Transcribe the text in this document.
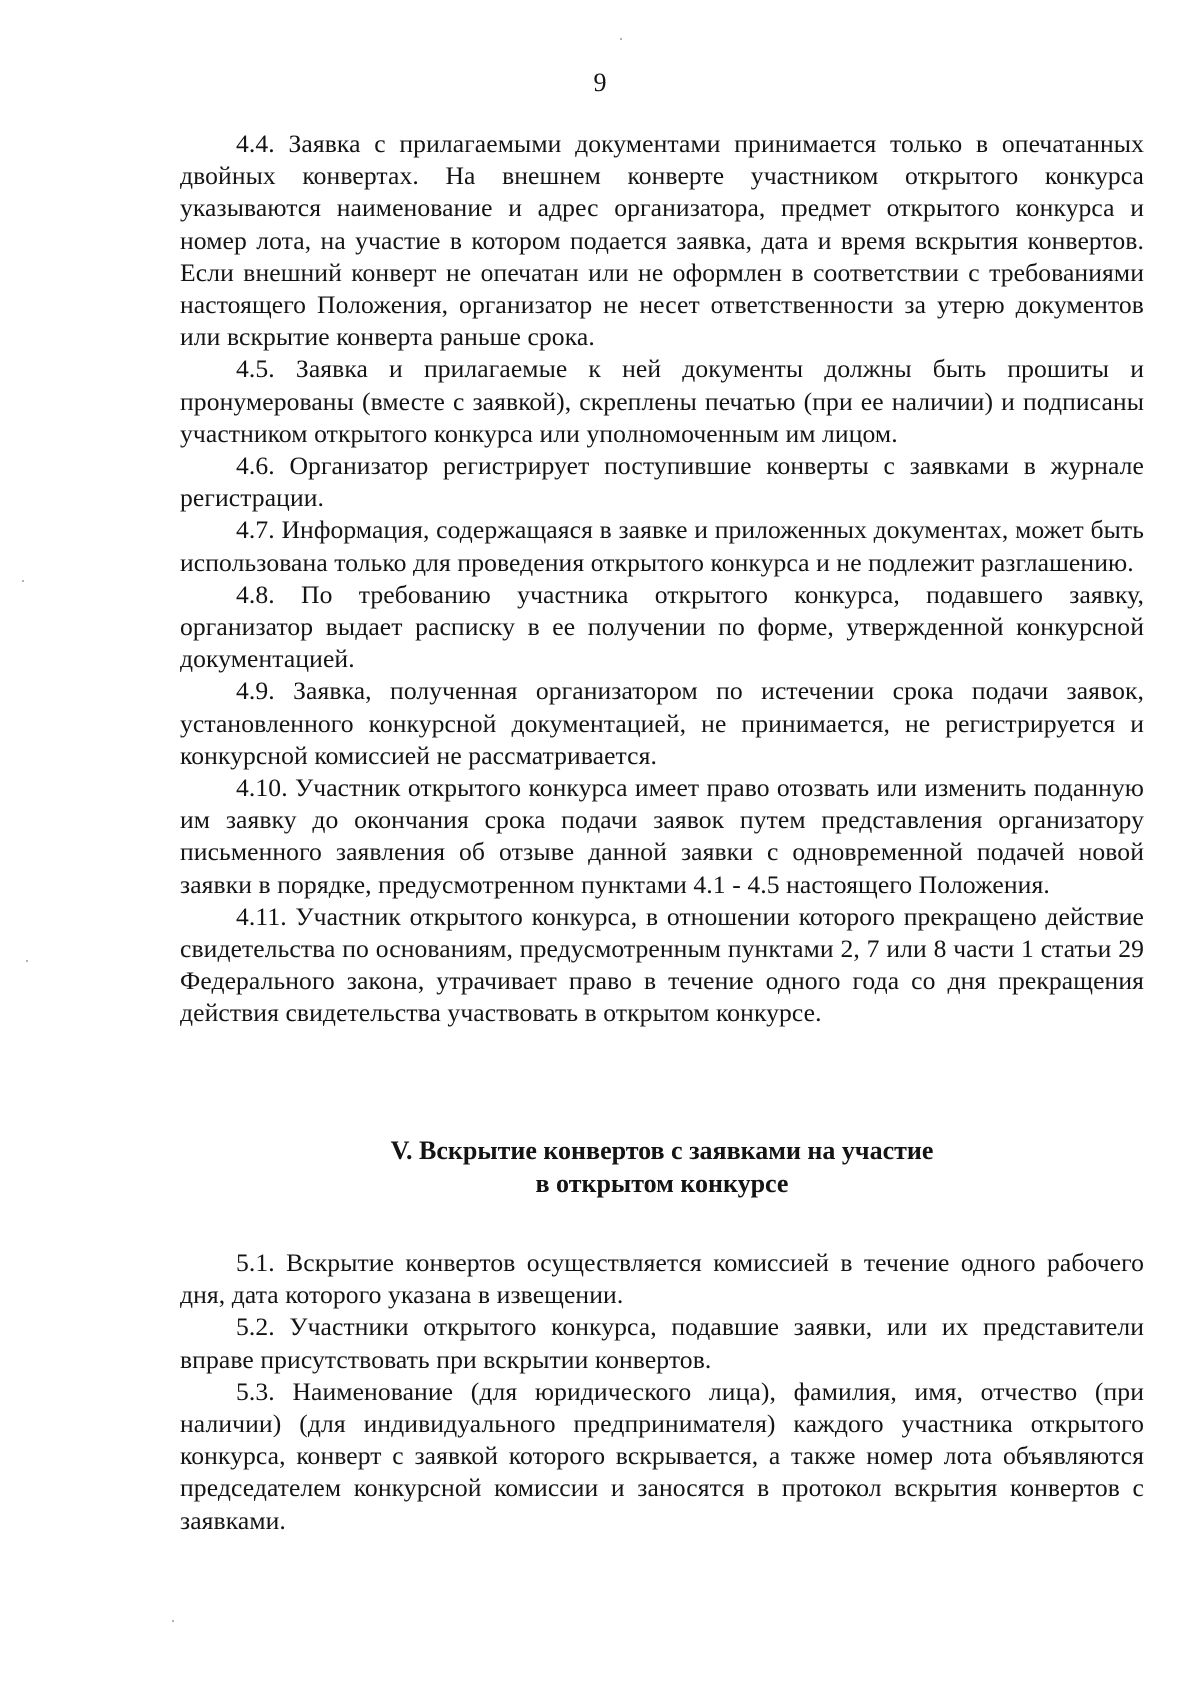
9

4.4. Заявка с прилагаемыми документами принимается только в опечатанных двойных конвертах. На внешнем конверте участником открытого конкурса указываются наименование и адрес организатора, предмет открытого конкурса и номер лота, на участие в котором подается заявка, дата и время вскрытия конвертов. Если внешний конверт не опечатан или не оформлен в соответствии с требованиями настоящего Положения, организатор не несет ответственности за утерю документов или вскрытие конверта раньше срока.

4.5. Заявка и прилагаемые к ней документы должны быть прошиты и пронумерованы (вместе с заявкой), скреплены печатью (при ее наличии) и подписаны участником открытого конкурса или уполномоченным им лицом.

4.6. Организатор регистрирует поступившие конверты с заявками в журнале регистрации.

4.7. Информация, содержащаяся в заявке и приложенных документах, может быть использована только для проведения открытого конкурса и не подлежит разглашению.

4.8. По требованию участника открытого конкурса, подавшего заявку, организатор выдает расписку в ее получении по форме, утвержденной конкурсной документацией.

4.9. Заявка, полученная организатором по истечении срока подачи заявок, установленного конкурсной документацией, не принимается, не регистрируется и конкурсной комиссией не рассматривается.

4.10. Участник открытого конкурса имеет право отозвать или изменить поданную им заявку до окончания срока подачи заявок путем представления организатору письменного заявления об отзыве данной заявки с одновременной подачей новой заявки в порядке, предусмотренном пунктами 4.1 - 4.5 настоящего Положения.

4.11. Участник открытого конкурса, в отношении которого прекращено действие свидетельства по основаниям, предусмотренным пунктами 2, 7 или 8 части 1 статьи 29 Федерального закона, утрачивает право в течение одного года со дня прекращения действия свидетельства участвовать в открытом конкурсе.

V. Вскрытие конвертов с заявками на участие
в открытом конкурсе

5.1. Вскрытие конвертов осуществляется комиссией в течение одного рабочего дня, дата которого указана в извещении.

5.2. Участники открытого конкурса, подавшие заявки, или их представители вправе присутствовать при вскрытии конвертов.

5.3. Наименование (для юридического лица), фамилия, имя, отчество (при наличии) (для индивидуального предпринимателя) каждого участника открытого конкурса, конверт с заявкой которого вскрывается, а также номер лота объявляются председателем конкурсной комиссии и заносятся в протокол вскрытия конвертов с заявками.
